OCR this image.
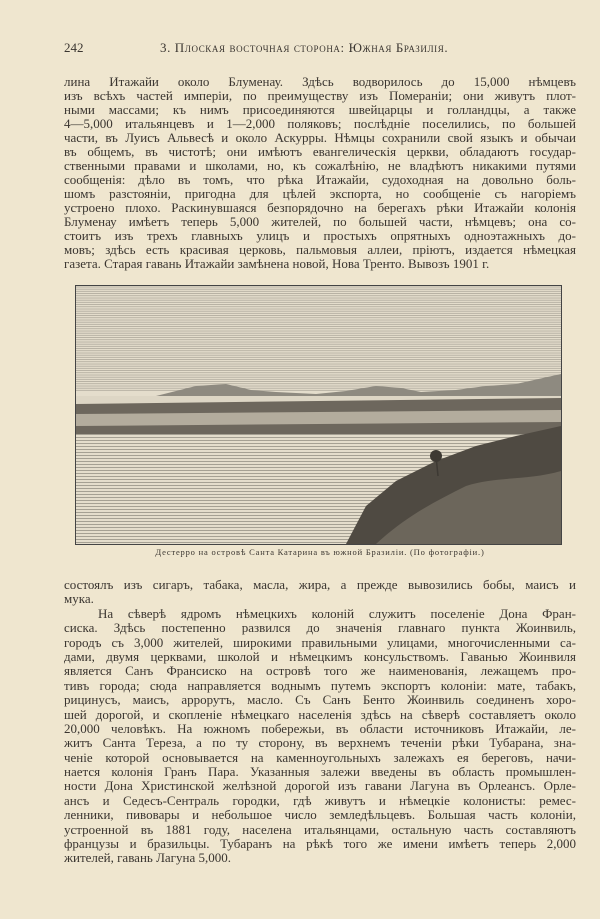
242	3. Плоская восточная сторона: Южная Бразилія.
лина Итажайи около Блуменау. Здѣсь водворилось до 15,000 нѣмцевъ
изъ всѣхъ частей имперіи, по преимуществу изъ Помераніи; они живутъ плот-
ными массами; къ нимъ присоединяются швейцарцы и голландцы, а также
4—5,000 итальянцевъ и 1—2,000 поляковъ; послѣдніе поселились, по большей
части, въ Луисъ Альвесѣ и около Аскурры. Нѣмцы сохранили свой языкъ и обычаи
въ общемъ, въ чистотѣ; они имѣютъ евангелическія церкви, обладаютъ государ-
ственными правами и школами, но, къ сожалѣнію, не владѣютъ никакими путями
сообщенія: дѣло въ томъ, что рѣка Итажайи, судоходная на довольно боль-
шомъ разстояніи, пригодна для цѣлей экспорта, но сообщеніе съ нагоріемъ
устроено плохо. Раскинувшаяся безпорядочно на берегахъ рѣки Итажайи колонія
Блуменау имѣетъ теперь 5,000 жителей, по большей части, нѣмцевъ; она со-
стоитъ изъ трехъ главныхъ улицъ и простыхъ опрятныхъ одноэтажныхъ до-
мовъ; здѣсь есть красивая церковь, пальмовыя аллеи, пріютъ, издается нѣмецкая
газета. Старая гавань Итажайи замѣнена новой, Нова Тренто. Вывозъ 1901 г.
Дестерро на островѣ Санта Катарина въ южной Бразиліи. (По фотографіи.)
состоялъ изъ сигаръ, табака, масла, жира, а прежде вывозились бобы, маисъ и
мука.
На сѣверѣ ядромъ нѣмецкихъ колоній служитъ поселеніе Дона Фран-
сиска. Здѣсь постепенно развился до значенія главнаго пункта Жоинвиль,
городъ съ 3,000 жителей, широкими правильными улицами, многочисленными са-
дами, двумя церквами, школой и нѣмецкимъ консульствомъ. Гаванью Жоинвиля
является Санъ Франсиско на островѣ того же наименованія, лежащемъ про-
тивъ города; сюда направляется воднымъ путемъ экспортъ колоніи: мате, табакъ,
рицинусъ, маисъ, аррорутъ, масло. Съ Санъ Бенто Жоинвиль соединенъ хоро-
шей дорогой, и скопленіе нѣмецкаго населенія здѣсь на сѣверѣ составляетъ около
20,000 человѣкъ. На южномъ побережьи, въ области источниковъ Итажайи, ле-
житъ Санта Тереза, а по ту сторону, въ верхнемъ теченіи рѣки Тубарана, зна-
ченіе которой основывается на каменноугольныхъ залежахъ ея береговъ, начи-
нается колонія Гранъ Пара. Указанныя залежи введены въ область промышлен-
ности Дона Христинской желѣзной дорогой изъ гавани Лагуна въ Орлеансъ. Орле-
ансъ и Седесъ-Сентраль городки, гдѣ живутъ и нѣмецкіе колонисты: ремес-
ленники, пивовары и небольшое число земледѣльцевъ. Большая часть колоніи,
устроенной въ 1881 году, населена итальянцами, остальную часть составляютъ
французы и бразильцы. Тубаранъ на рѣкѣ того же имени имѣетъ теперь 2,000
жителей, гавань Лагуна 5,000.
